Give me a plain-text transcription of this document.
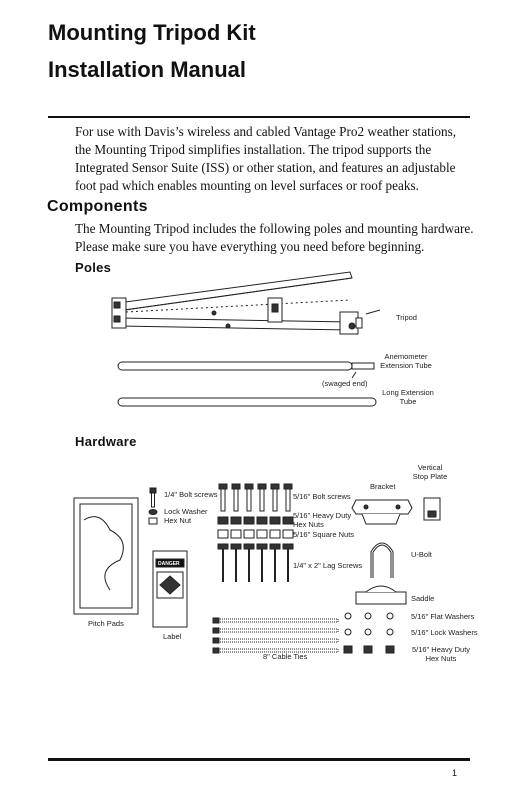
Mounting Tripod Kit
Installation Manual

For use with Davis’s wireless and cabled Vantage Pro2 weather stations, the Mounting Tripod simplifies installation. The tripod supports the Integrated Sensor Suite (ISS) or other station, and features an adjustable foot pad which enables mounting on level surfaces or roof peaks.

Components

The Mounting Tripod includes the following poles and mounting hardware. Please make sure you have everything you need before beginning.

Poles
Tripod
Anemometer Extension Tube
(swaged end)
Long Extension Tube
Hardware
1/4" Bolt screws
Lock Washer
Hex Nut
5/16" Bolt screws
5/16" Heavy Duty Hex Nuts
5/16" Square Nuts
1/4" x 2" Lag Screws
Bracket
Vertical Stop Plate
U-Bolt
Saddle
5/16" Flat Washers
5/16" Lock Washers
5/16" Heavy Duty Hex Nuts
Pitch Pads
Label
8" Cable Ties
DANGER
1
